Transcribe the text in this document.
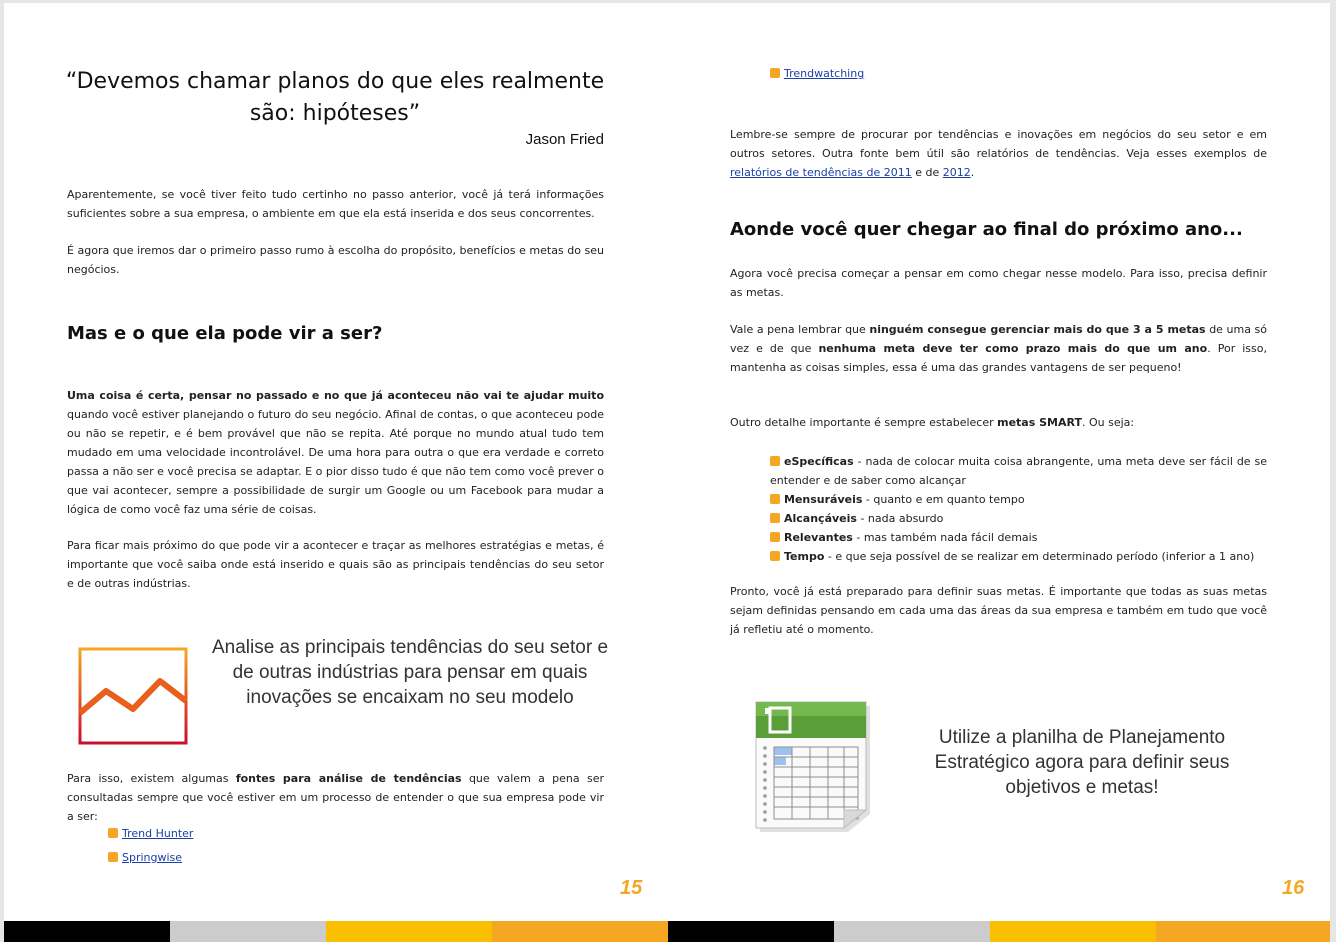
“Devemos chamar planos do que eles realmente são: hipóteses”
Jason Fried

Aparentemente, se você tiver feito tudo certinho no passo anterior, você já terá informações suficientes sobre a sua empresa, o ambiente em que ela está inserida e dos seus concorrentes.

É agora que iremos dar o primeiro passo rumo à escolha do propósito, benefícios e metas do seu negócios.

Mas e o que ela pode vir a ser?

Uma coisa é certa, pensar no passado e no que já aconteceu não vai te ajudar muito quando você estiver planejando o futuro do seu negócio. Afinal de contas, o que aconteceu pode ou não se repetir, e é bem provável que não se repita. Até porque no mundo atual tudo tem mudado em uma velocidade incontrolável. De uma hora para outra o que era verdade e correto passa a não ser e você precisa se adaptar. E o pior disso tudo é que não tem como você prever o que vai acontecer, sempre a possibilidade de surgir um Google ou um Facebook para mudar a lógica de como você faz uma série de coisas.

Para ficar mais próximo do que pode vir a acontecer e traçar as melhores estratégias e metas, é importante que você saiba onde está inserido e quais são as principais tendências do seu setor e de outras indústrias.

Analise as principais tendências do seu setor e de outras indústrias para pensar em quais inovações se encaixam no seu modelo

Para isso, existem algumas fontes para análise de tendências que valem a pena ser consultadas sempre que você estiver em um processo de entender o que sua empresa pode vir a ser:

Trend Hunter
Springwise
15
Trendwatching

Lembre-se sempre de procurar por tendências e inovações em negócios do seu setor e em outros setores. Outra fonte bem útil são relatórios de tendências. Veja esses exemplos de relatórios de tendências de 2011 e de 2012.

Aonde você quer chegar ao final do próximo ano...

Agora você precisa começar a pensar em como chegar nesse modelo. Para isso, precisa definir as metas.

Vale a pena lembrar que ninguém consegue gerenciar mais do que 3 a 5 metas de uma só vez e de que nenhuma meta deve ter como prazo mais do que um ano. Por isso, mantenha as coisas simples, essa é uma das grandes vantagens de ser pequeno!

Outro detalhe importante é sempre estabelecer metas SMART. Ou seja:

eSpecíficas - nada de colocar muita coisa abrangente, uma meta deve ser fácil de se entender e de saber como alcançar
Mensuráveis - quanto e em quanto tempo
Alcançáveis - nada absurdo
Relevantes - mas também nada fácil demais
Tempo - e que seja possível de se realizar em determinado período (inferior a 1 ano)

Pronto, você já está preparado para definir suas metas. É importante que todas as suas metas sejam definidas pensando em cada uma das áreas da sua empresa e também em tudo que você já refletiu até o momento.

Utilize a planilha de Planejamento Estratégico agora para definir seus objetivos e metas!
16
